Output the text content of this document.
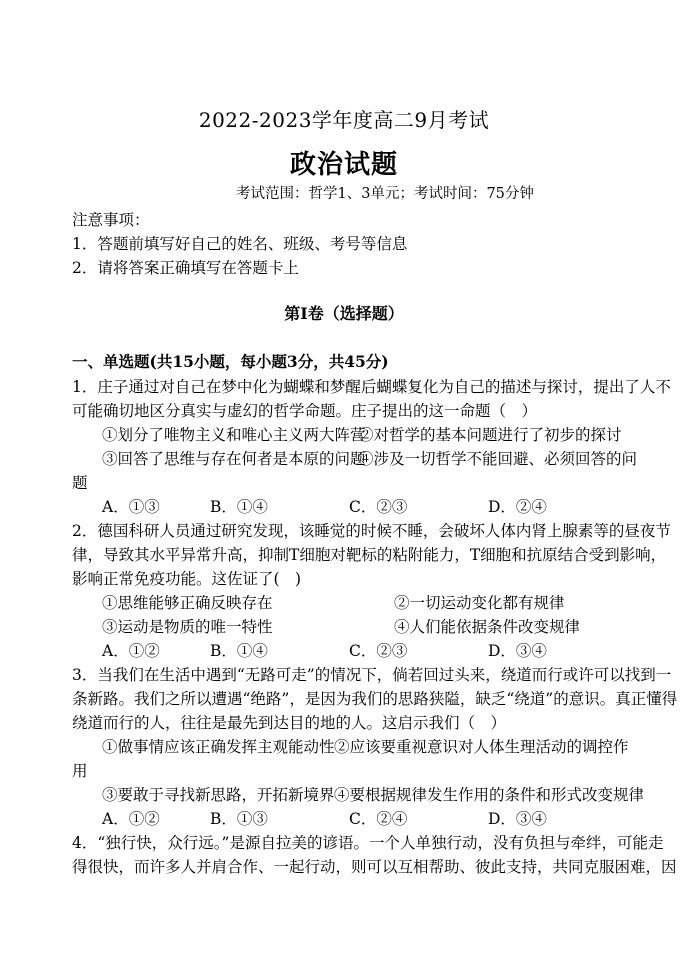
2022-2023学年度高二9月考试
政治试题
考试范围：哲学1、3单元；考试时间：75分钟
注意事项：
1．答题前填写好自己的姓名、班级、考号等信息
2．请将答案正确填写在答题卡上
第Ⅰ卷（选择题）
一、单选题(共15小题，每小题3分，共45分)
1．庄子通过对自己在梦中化为蝴蝶和梦醒后蝴蝶复化为自己的描述与探讨，提出了人不
可能确切地区分真实与虚幻的哲学命题。庄子提出的这一命题（　）
①划分了唯物主义和唯心主义两大阵营
②对哲学的基本问题进行了初步的探讨
③回答了思维与存在何者是本原的问题
④涉及一切哲学不能回避、必须回答的问
题
A．①③	B．①④	C．②③	D．②④
2．德国科研人员通过研究发现，该睡觉的时候不睡，会破坏人体内肾上腺素等的昼夜节
律，导致其水平异常升高，抑制T细胞对靶标的粘附能力，T细胞和抗原结合受到影响，
影响正常免疫功能。这佐证了(　)
①思维能够正确反映存在	②一切运动变化都有规律
③运动是物质的唯一特性	④人们能依据条件改变规律
A．①②	B．①④	C．②③	D．③④
3．当我们在生活中遇到“无路可走”的情况下，倘若回过头来，绕道而行或许可以找到一
条新路。我们之所以遭遇“绝路”，是因为我们的思路狭隘，缺乏“绕道”的意识。真正懂得
绕道而行的人，往往是最先到达目的地的人。这启示我们（　）
①做事情应该正确发挥主观能动性 ②应该要重视意识对人体生理活动的调控作
用
③要敢于寻找新思路，开拓新境界 ④要根据规律发生作用的条件和形式改变规律
A．①②	B．①③	C．②④	D．③④
4．“独行快，众行远。”是源自拉美的谚语。一个人单独行动，没有负担与牵绊，可能走
得很快，而许多人并肩合作、一起行动，则可以互相帮助、彼此支持，共同克服困难，因
